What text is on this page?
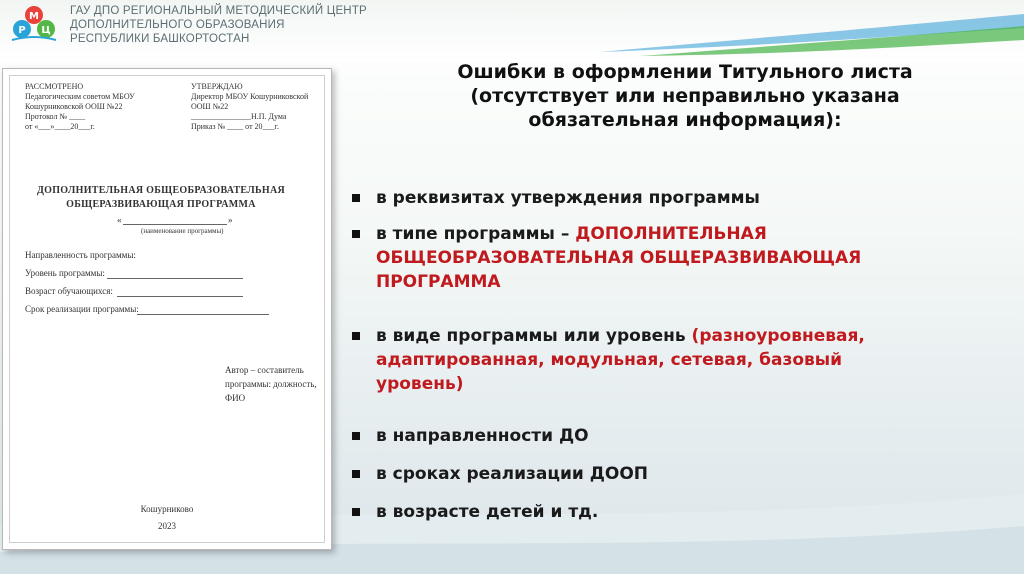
М
Р Ц
ГАУ ДПО РЕГИОНАЛЬНЫЙ МЕТОДИЧЕСКИЙ ЦЕНТР
ДОПОЛНИТЕЛЬНОГО ОБРАЗОВАНИЯ
РЕСПУБЛИКИ БАШКОРТОСТАН
РАССМОТРЕНО
Педагогическим советом МБОУ
Кошурниковской ООШ №22
Протокол № ____
от «___»____20___г.
УТВЕРЖДАЮ
Директор МБОУ Кошурниковской
ООШ №22
_______________Н.П. Дума
Приказ № ____ от 20___г.
ДОПОЛНИТЕЛЬНАЯ ОБЩЕОБРАЗОВАТЕЛЬНАЯ
ОБЩЕРАЗВИВАЮЩАЯ ПРОГРАММА
«	»
(наименование программы)
Направленность программы:
Уровень программы:
Возраст обучающихся:
Срок реализации программы:
Автор – составитель
программы: должность,
ФИО
Кошурниково
2023
Ошибки в оформлении Титульного листа
(отсутствует или неправильно указана
обязательная информация):
в реквизитах утверждения программы
в типе программы – ДОПОЛНИТЕЛЬНАЯ
ОБЩЕОБРАЗОВАТЕЛЬНАЯ ОБЩЕРАЗВИВАЮЩАЯ
ПРОГРАММА
в виде программы или уровень (разноуровневая,
адаптированная, модульная, сетевая, базовый
уровень)
в направленности ДО
в сроках реализации ДООП
в возрасте детей и тд.
